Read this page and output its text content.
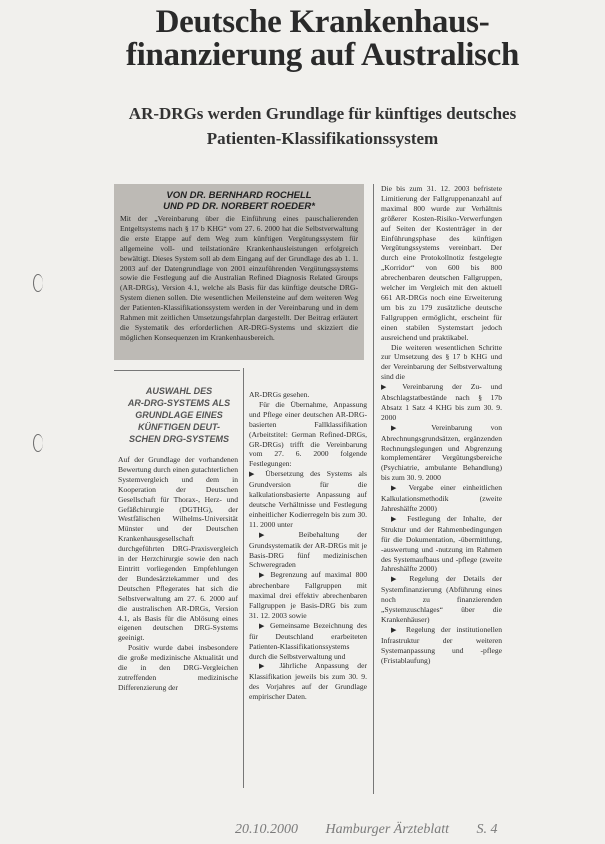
Deutsche Krankenhaus-
finanzierung auf Australisch
AR-DRGs werden Grundlage für künftiges deutsches
Patienten-Klassifikationssystem
VON DR. BERNHARD ROCHELL
UND PD DR. NORBERT ROEDER*
Mit der „Vereinbarung über die Einführung eines pauschalierenden Entgeltsystems nach § 17 b KHG“ vom 27. 6. 2000 hat die Selbstverwaltung die erste Etappe auf dem Weg zum künftigen Vergütungssystem für allgemeine voll- und teilstationäre Krankenhausleistungen erfolgreich bewältigt. Dieses System soll ab dem Eingang auf der Grundlage des ab 1. 1. 2003 auf der Datengrundlage von 2001 einzuführenden Vergütungssystems sowie die Festlegung auf die Australian Refined Diagnosis Related Groups (AR-DRGs), Version 4.1, welche als Basis für das künftige deutsche DRG-System dienen sollen. Die wesentlichen Meilensteine auf dem weiteren Weg der Patienten-Klassifikationssystem werden in der Vereinbarung und in dem Rahmen mit zeitlichen Umsetzungsfahrplan dargestellt. Der Beitrag erläutert die Systematik des erforderlichen AR-DRG-Systems und skizziert die möglichen Konsequenzen im Krankenhausbereich.
AUSWAHL DES
AR-DRG-SYSTEMS ALS
GRUNDLAGE EINES
KÜNFTIGEN DEUT-
SCHEN DRG-SYSTEMS

Auf der Grundlage der vorhandenen Bewertung durch einen gutachterlichen Systemvergleich und dem in Kooperation der Deutschen Gesellschaft für Thorax-, Herz- und Gefäßchirurgie (DGTHG), der Westfälischen Wilhelms-Universität Münster und der Deutschen Krankenhausgesellschaft durchgeführten DRG-Praxisvergleich in der Herzchirurgie sowie den nach Eintritt vorliegenden Empfehlungen der Bundesärztekammer und des Deutschen Pflegerates hat sich die Selbstverwaltung am 27. 6. 2000 auf die australischen AR-DRGs, Version 4.1, als Basis für die Ablösung eines eigenen deutschen DRG-Systems geeinigt.

Positiv wurde dabei insbesondere die große medizinische Aktualität und die in den DRG-Vergleichen zutreffenden medizinische Differenzierung der

AR-DRGs gesehen.

Für die Übernahme, Anpassung und Pflege einer deutschen AR-DRG-basierten Fallklassifikation (Arbeitstitel: German Refined-DRGs, GR-DRGs) trifft die Vereinbarung vom 27. 6. 2000 folgende Festlegungen:

▶ Übersetzung des Systems als Grundversion für die kalkulationsbasierte Anpassung auf deutsche Verhältnisse und Festlegung einheitlicher Kodierregeln bis zum 30. 11. 2000 unter

▶ Beibehaltung der Grundsystematik der AR-DRGs mit je Basis-DRG fünf medizinischen Schweregraden

▶ Begrenzung auf maximal 800 abrechenbare Fallgruppen mit maximal drei effektiv abrechenbaren Fallgruppen je Basis-DRG bis zum 31. 12. 2003 sowie

▶ Gemeinsame Bezeichnung des für Deutschland erarbeiteten Patienten-Klassifikationssystems durch die Selbstverwaltung und

▶ Jährliche Anpassung der Klassifikation jeweils bis zum 30. 9. des Vorjahres auf der Grundlage empirischer Daten.

Die bis zum 31. 12. 2003 befristete Limitierung der Fallgruppenanzahl auf maximal 800 wurde zur Verhältnis größerer Kosten-Risiko-Verwerfungen auf Seiten der Kostenträger in der Einführungsphase des künftigen Vergütungssystems vereinbart. Der durch eine Protokollnotiz festgelegte „Korridor“ von 600 bis 800 abrechenbaren deutschen Fallgruppen, welcher im Vergleich mit den aktuell 661 AR-DRGs noch eine Erweiterung um bis zu 179 zusätzliche deutsche Fallgruppen ermöglicht, erscheint für einen stabilen Systemstart jedoch ausreichend und praktikabel.

Die weiteren wesentlichen Schritte zur Umsetzung des § 17 b KHG und der Vereinbarung der Selbstverwaltung sind die

▶ Vereinbarung der Zu- und Abschlagstatbestände nach § 17b Absatz 1 Satz 4 KHG bis zum 30. 9. 2000

▶ Vereinbarung von Abrechnungsgrundsätzen, ergänzenden Rechnungslegungen und Abgrenzung komplementärer Vergütungsbereiche (Psychiatrie, ambulante Behandlung) bis zum 30. 9. 2000

▶ Vergabe einer einheitlichen Kalkulationsmethodik (zweite Jahreshälfte 2000)

▶ Festlegung der Inhalte, der Struktur und der Rahmenbedingungen für die Dokumentation, -übermittlung, -auswertung und -nutzung im Rahmen des Systemaufbaus und -pflege (zweite Jahreshälfte 2000)

▶ Regelung der Details der Systemfinanzierung (Abführung eines noch zu finanzierenden „Systemzuschlages“ über die Krankenhäuser)

▶ Regelung der institutionellen Infrastruktur der weiteren Systemanpassung und -pflege (Fristablaufung)

20.10.2000 Hamburger Ärzteblatt S. 4
